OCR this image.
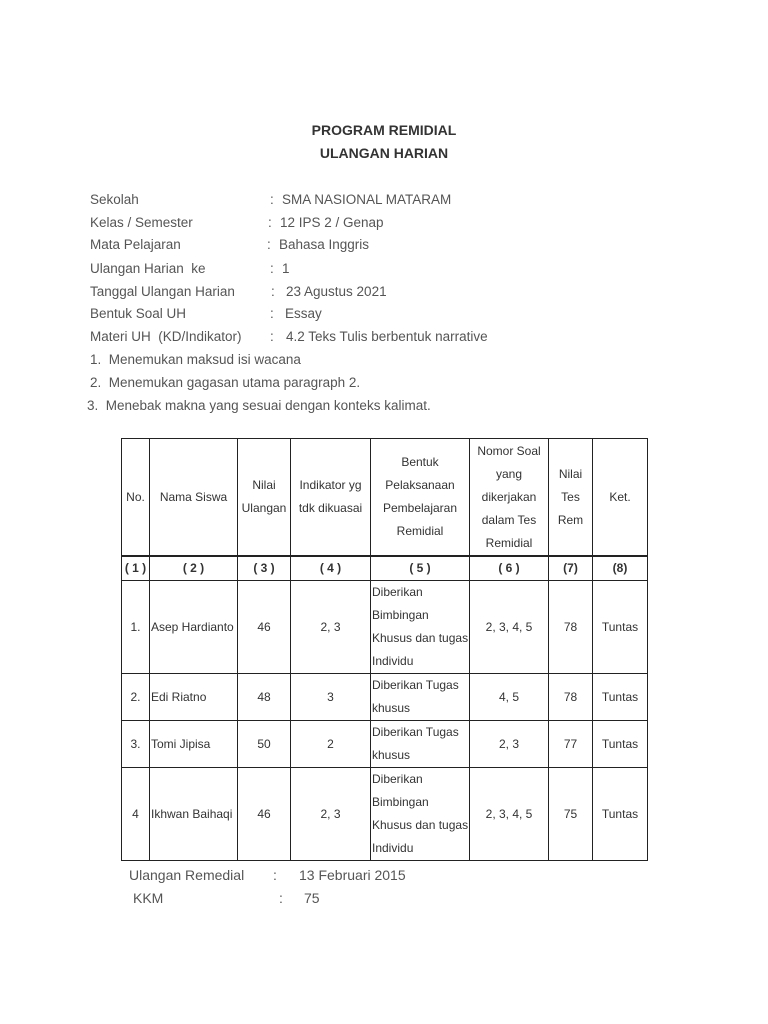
PROGRAM REMIDIAL
ULANGAN HARIAN
Sekolah	: SMA NASIONAL MATARAM
Kelas / Semester	: 12 IPS 2 / Genap
Mata Pelajaran	: Bahasa Inggris
Ulangan Harian  ke	: 1
Tanggal Ulangan Harian	: 23 Agustus 2021
Bentuk Soal UH	: Essay
Materi UH  (KD/Indikator) : 4.2 Teks Tulis berbentuk narrative
1.  Menemukan maksud isi wacana
2.  Menemukan gagasan utama paragraph 2.
3.  Menebak makna yang sesuai dengan konteks kalimat.
No.	Nama Siswa	Nilai Ulangan	Indikator yg tdk dikuasai	Bentuk Pelaksanaan Pembelajaran Remidial	Nomor Soal yang dikerjakan dalam Tes Remidial	Nilai Tes Rem	Ket.
( 1 )	( 2 )	( 3 )	( 4 )	( 5 )	( 6 )	(7)	(8)
1.	Asep Hardianto	46	2, 3	Diberikan Bimbingan Khusus dan tugas Individu	2, 3, 4, 5	78	Tuntas
2.	Edi Riatno	48	3	Diberikan Tugas khusus	4, 5	78	Tuntas
3.	Tomi Jipisa	50	2	Diberikan Tugas khusus	2, 3	77	Tuntas
4	Ikhwan Baihaqi	46	2, 3	Diberikan Bimbingan Khusus dan tugas Individu	2, 3, 4, 5	75	Tuntas
Ulangan Remedial : 13 Februari 2015
KKM	: 75
